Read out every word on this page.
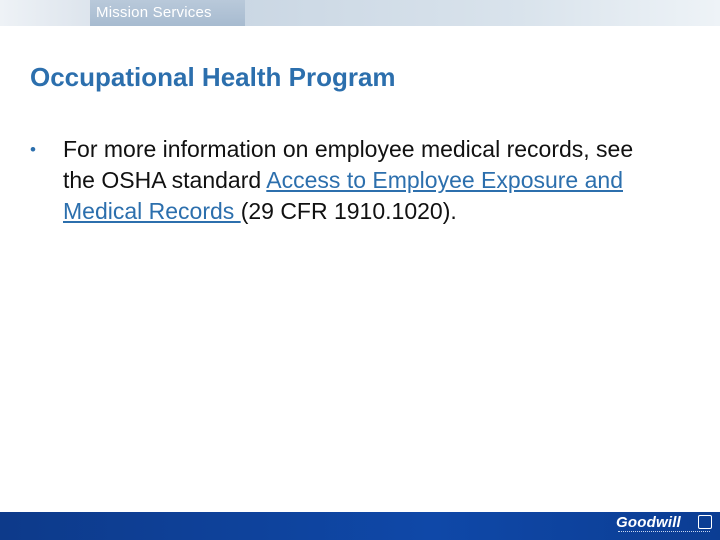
Mission Services
Occupational Health Program
• For more information on employee medical records, see the OSHA standard Access to Employee Exposure and Medical Records (29 CFR 1910.1020).
Goodwill
